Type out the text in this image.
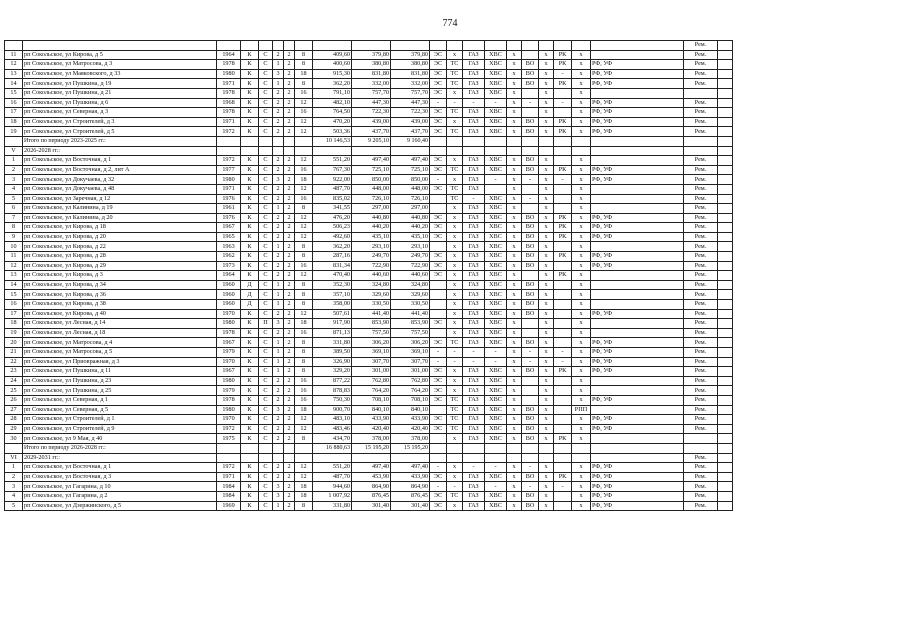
774
																					Рем.	
11	рп Сокольское, ул Кирова, д 5	1964	К	С	2	2	8	409,60	379,80	379,80	ЭС	х	ГАЗ	ХВС	х		х	РК	х		Рем.	
12	рп Сокольское, ул Матросова, д 3	1978	К	С	1	2	8	400,60	380,80	380,80	ЭС	ТС	ГАЗ	ХВС	х	ВО	х	РК	х	РФ, УФ	Рем.	
13	рп Сокольское, ул Маяковского, д 33	1980	К	С	3	2	18	915,30	831,80	831,80	ЭС	ТС	ГАЗ	ХВС	х	ВО	х	-	х	РФ, УФ	Рем.	
14	рп Сокольское, ул Пушкина, д 19	1971	К	С	1	2	8	362,20	332,00	332,00	ЭС	ТС	ГАЗ	ХВС	х	ВО	х	РК	х	РФ, УФ	Рем.	
15	рп Сокольское, ул Пушкина, д 21	1978	К	С	2	2	16	791,10	757,70	757,70	ЭС	х	ГАЗ	ХВС	х		х		х			
16	рп Сокольское, ул Пушкина, д 6	1968	К	С	2	2	12	482,10	447,30	447,30	-	-	-	-	х	-	х	-	х	РФ, УФ	Рем.	
17	рп Сокольское, ул Северная, д 3	1978	К	С	2	2	16	764,50	722,30	722,30	ЭС	ТС	ГАЗ	ХВС	х		х		х	РФ, УФ	Рем.	
18	рп Сокольское, ул Строителей, д 3	1971	К	С	2	2	12	470,20	439,00	439,00	ЭС	х	ГАЗ	ХВС	х	ВО	х	РК	х	РФ, УФ	Рем.	
19	рп Сокольское, ул Строителей, д 5	1972	К	С	2	2	12	503,36	437,70	437,70	ЭС	ТС	ГАЗ	ХВС	х	ВО	х	РК	х	РФ, УФ	Рем.	
	Итого по периоду 2023-2025 гг.:							10 146,53	9 205,10	9 160,40												
V	2026-2028 гг.:																					
1	рп Сокольское, ул Восточная, д 1	1972	К	С	2	2	12	551,20	497,40	497,40	ЭС	х	ГАЗ	ХВС	х	ВО	х		х		Рем.	
2	рп Сокольское, ул Восточная, д 2, лит А	1977	К	С	2	2	16	767,30	725,10	725,10	ЭС	ТС	ГАЗ	ХВС	х	ВО	х	РК	х	РФ, УФ	Рем.	
3	рп Сокольское, ул Докучаева, д 32	1980	К	С	3	2	18	922,00	850,00	850,00	-	х	ГАЗ	-	х	-	х	-	х	РФ, УФ	Рем.	
4	рп Сокольское, ул Докучаева, д 48	1971	К	С	2	2	12	487,70	448,00	448,00	ЭС	ТС	ГАЗ		х		х		х		Рем.	
5	рп Сокольское, ул Заречная, д 12	1976	К	С	2	2	16	835,02	726,10	726,10		ТС	-	ХВС	х	-	х		х		Рем.	
6	рп Сокольское, ул Калинина, д 19	1961	К	С	1	2	8	341,55	297,00	297,00		х	ГАЗ	ХВС	х		х		х		Рем.	
7	рп Сокольское, ул Калинина, д 20	1976	К	С	2	2	12	476,20	440,80	440,80	ЭС	х	ГАЗ	ХВС	х	ВО	х	РК	х	РФ, УФ	Рем.	
8	рп Сокольское, ул Кирова, д 18	1967	К	С	2	2	12	506,23	440,20	440,20	ЭС	х	ГАЗ	ХВС	х	ВО	х	РК	х	РФ, УФ	Рем.	
9	рп Сокольское, ул Кирова, д 20	1965	К	С	2	2	12	492,60	435,10	435,10	ЭС	х	ГАЗ	ХВС	х	ВО	х	РК	х	РФ, УФ	Рем.	
10	рп Сокольское, ул Кирова, д 22	1963	К	С	1	2	8	362,20	293,10	293,10		х	ГАЗ	ХВС	х	ВО	х		х		Рем.	
11	рп Сокольское, ул Кирова, д 28	1962	К	С	2	2	8	287,16	249,70	249,70	ЭС	х	ГАЗ	ХВС	х	ВО	х	РК	х	РФ, УФ	Рем.	
12	рп Сокольское, ул Кирова, д 29	1973	К	С	2	2	16	831,34	722,90	722,90	ЭС	х	ГАЗ	ХВС	х	ВО	х		х	РФ, УФ	Рем.	
13	рп Сокольское, ул Кирова, д 3	1964	К	С	2	2	12	470,40	440,60	440,60	ЭС	х	ГАЗ	ХВС	х		х	РК	х		Рем.	
14	рп Сокольское, ул Кирова, д 34	1960	Д	С	1	2	8	352,30	324,80	324,80		х	ГАЗ	ХВС	х	ВО	х		х		Рем.	
15	рп Сокольское, ул Кирова, д 36	1960	Д	С	1	2	8	357,10	329,60	329,60		х	ГАЗ	ХВС	х	ВО	х		х		Рем.	
16	рп Сокольское, ул Кирова, д 38	1960	Д	С	1	2	8	358,00	330,50	330,50		х	ГАЗ	ХВС	х	ВО	х		х		Рем.	
17	рп Сокольское, ул Кирова, д 40	1970	К	С	2	2	12	507,61	441,40	441,40		х	ГАЗ	ХВС	х	ВО	х		х	РФ, УФ	Рем.	
18	рп Сокольское, ул Лесная, д 14	1980	К	П	3	2	18	917,90	853,90	853,90	ЭС	х	ГАЗ	ХВС	х		х		х		Рем.	
19	рп Сокольское, ул Лесная, д 18	1978	К	С	2	2	16	871,13	757,50	757,50		х	ГАЗ	ХВС	х		х		х		Рем.	
20	рп Сокольское, ул Матросова, д 4	1967	К	С	1	2	8	331,80	306,20	306,20	ЭС	ТС	ГАЗ	ХВС	х	ВО	х		х	РФ, УФ	Рем.	
21	рп Сокольское, ул Матросова, д 5	1979	К	С	1	2	8	389,50	369,10	369,10	-	-	-	-	х	-	х	-	х	РФ, УФ	Рем.	
22	рп Сокольское, ул Приовражная, д 3	1970	К	С	1	2	8	326,90	307,70	307,70	-	-	-	-	х	-	х	-	х	РФ, УФ	Рем.	
23	рп Сокольское, ул Пушкина, д 11	1967	К	С	1	2	8	329,20	301,00	301,00	ЭС	х	ГАЗ	ХВС	х	ВО	х	РК	х	РФ, УФ	Рем.	
24	рп Сокольское, ул Пушкина, д 23	1980	К	С	2	2	16	877,22	762,80	762,80	ЭС	х	ГАЗ	ХВС	х		х		х		Рем.	
25	рп Сокольское, ул Пушкина, д 25	1979	К	С	2	2	16	878,83	764,20	764,20	ЭС	х	ГАЗ	ХВС	х		х		х		Рем.	
26	рп Сокольское, ул Северная, д 1	1978	К	С	2	2	16	750,30	708,10	708,10	ЭС	ТС	ГАЗ	ХВС	х		х		х	РФ, УФ	Рем.	
27	рп Сокольское, ул Северная, д 5	1980	К	С	3	2	18	900,70	840,10	840,10		ТС	ГАЗ	ХВС	х	ВО	х		РПП		Рем.	
28	рп Сокольское, ул Строителей, д 1	1970	К	С	2	2	12	483,10	433,90	433,90	ЭС	ТС	ГАЗ	ХВС	х	ВО	х		х	РФ, УФ	Рем.	
29	рп Сокольское, ул Строителей, д 9	1972	К	С	2	2	12	483,46	420,40	420,40	ЭС	ТС	ГАЗ	ХВС	х	ВО	х		х	РФ, УФ	Рем.	
30	рп Сокольское, ул 9 Мая, д 40	1975	К	С	2	2	8	434,70	378,00	378,00		х	ГАЗ	ХВС	х	ВО	х	РК	х			
	Итого по периоду 2026-2028 гг.:							16 880,63	15 195,20	15 195,20												
VI	2029-2031 гг.:																				Рем.	
1	рп Сокольское, ул Восточная, д 1	1972	К	С	2	2	12	551,20	497,40	497,40	-	х	-	-	х	-	х		х	РФ, УФ	Рем.	
2	рп Сокольское, ул Восточная, д 3	1971	К	С	2	2	12	487,70	453,90	433,90	ЭС	х	ГАЗ	ХВС	х	ВО	х	РК	х	РФ, УФ	Рем.	
3	рп Сокольское, ул Гагарина, д 10	1984	К	С	3	2	18	944,60	864,90	864,90	-	-	ГАЗ	-	х	-	х	-	х	РФ, УФ	Рем.	
4	рп Сокольское, ул Гагарина, д 2	1984	К	С	3	2	18	1 007,92	876,45	876,45	ЭС	ТС	ГАЗ	ХВС	х	ВО	х		х	РФ, УФ	Рем.	
5	рп Сокольское, ул Дзержинского, д 5	1969	К	С	1	2	8	331,80	301,40	301,40	ЭС	х	ГАЗ	ХВС	х	ВО	х		х	РФ, УФ	Рем.	
